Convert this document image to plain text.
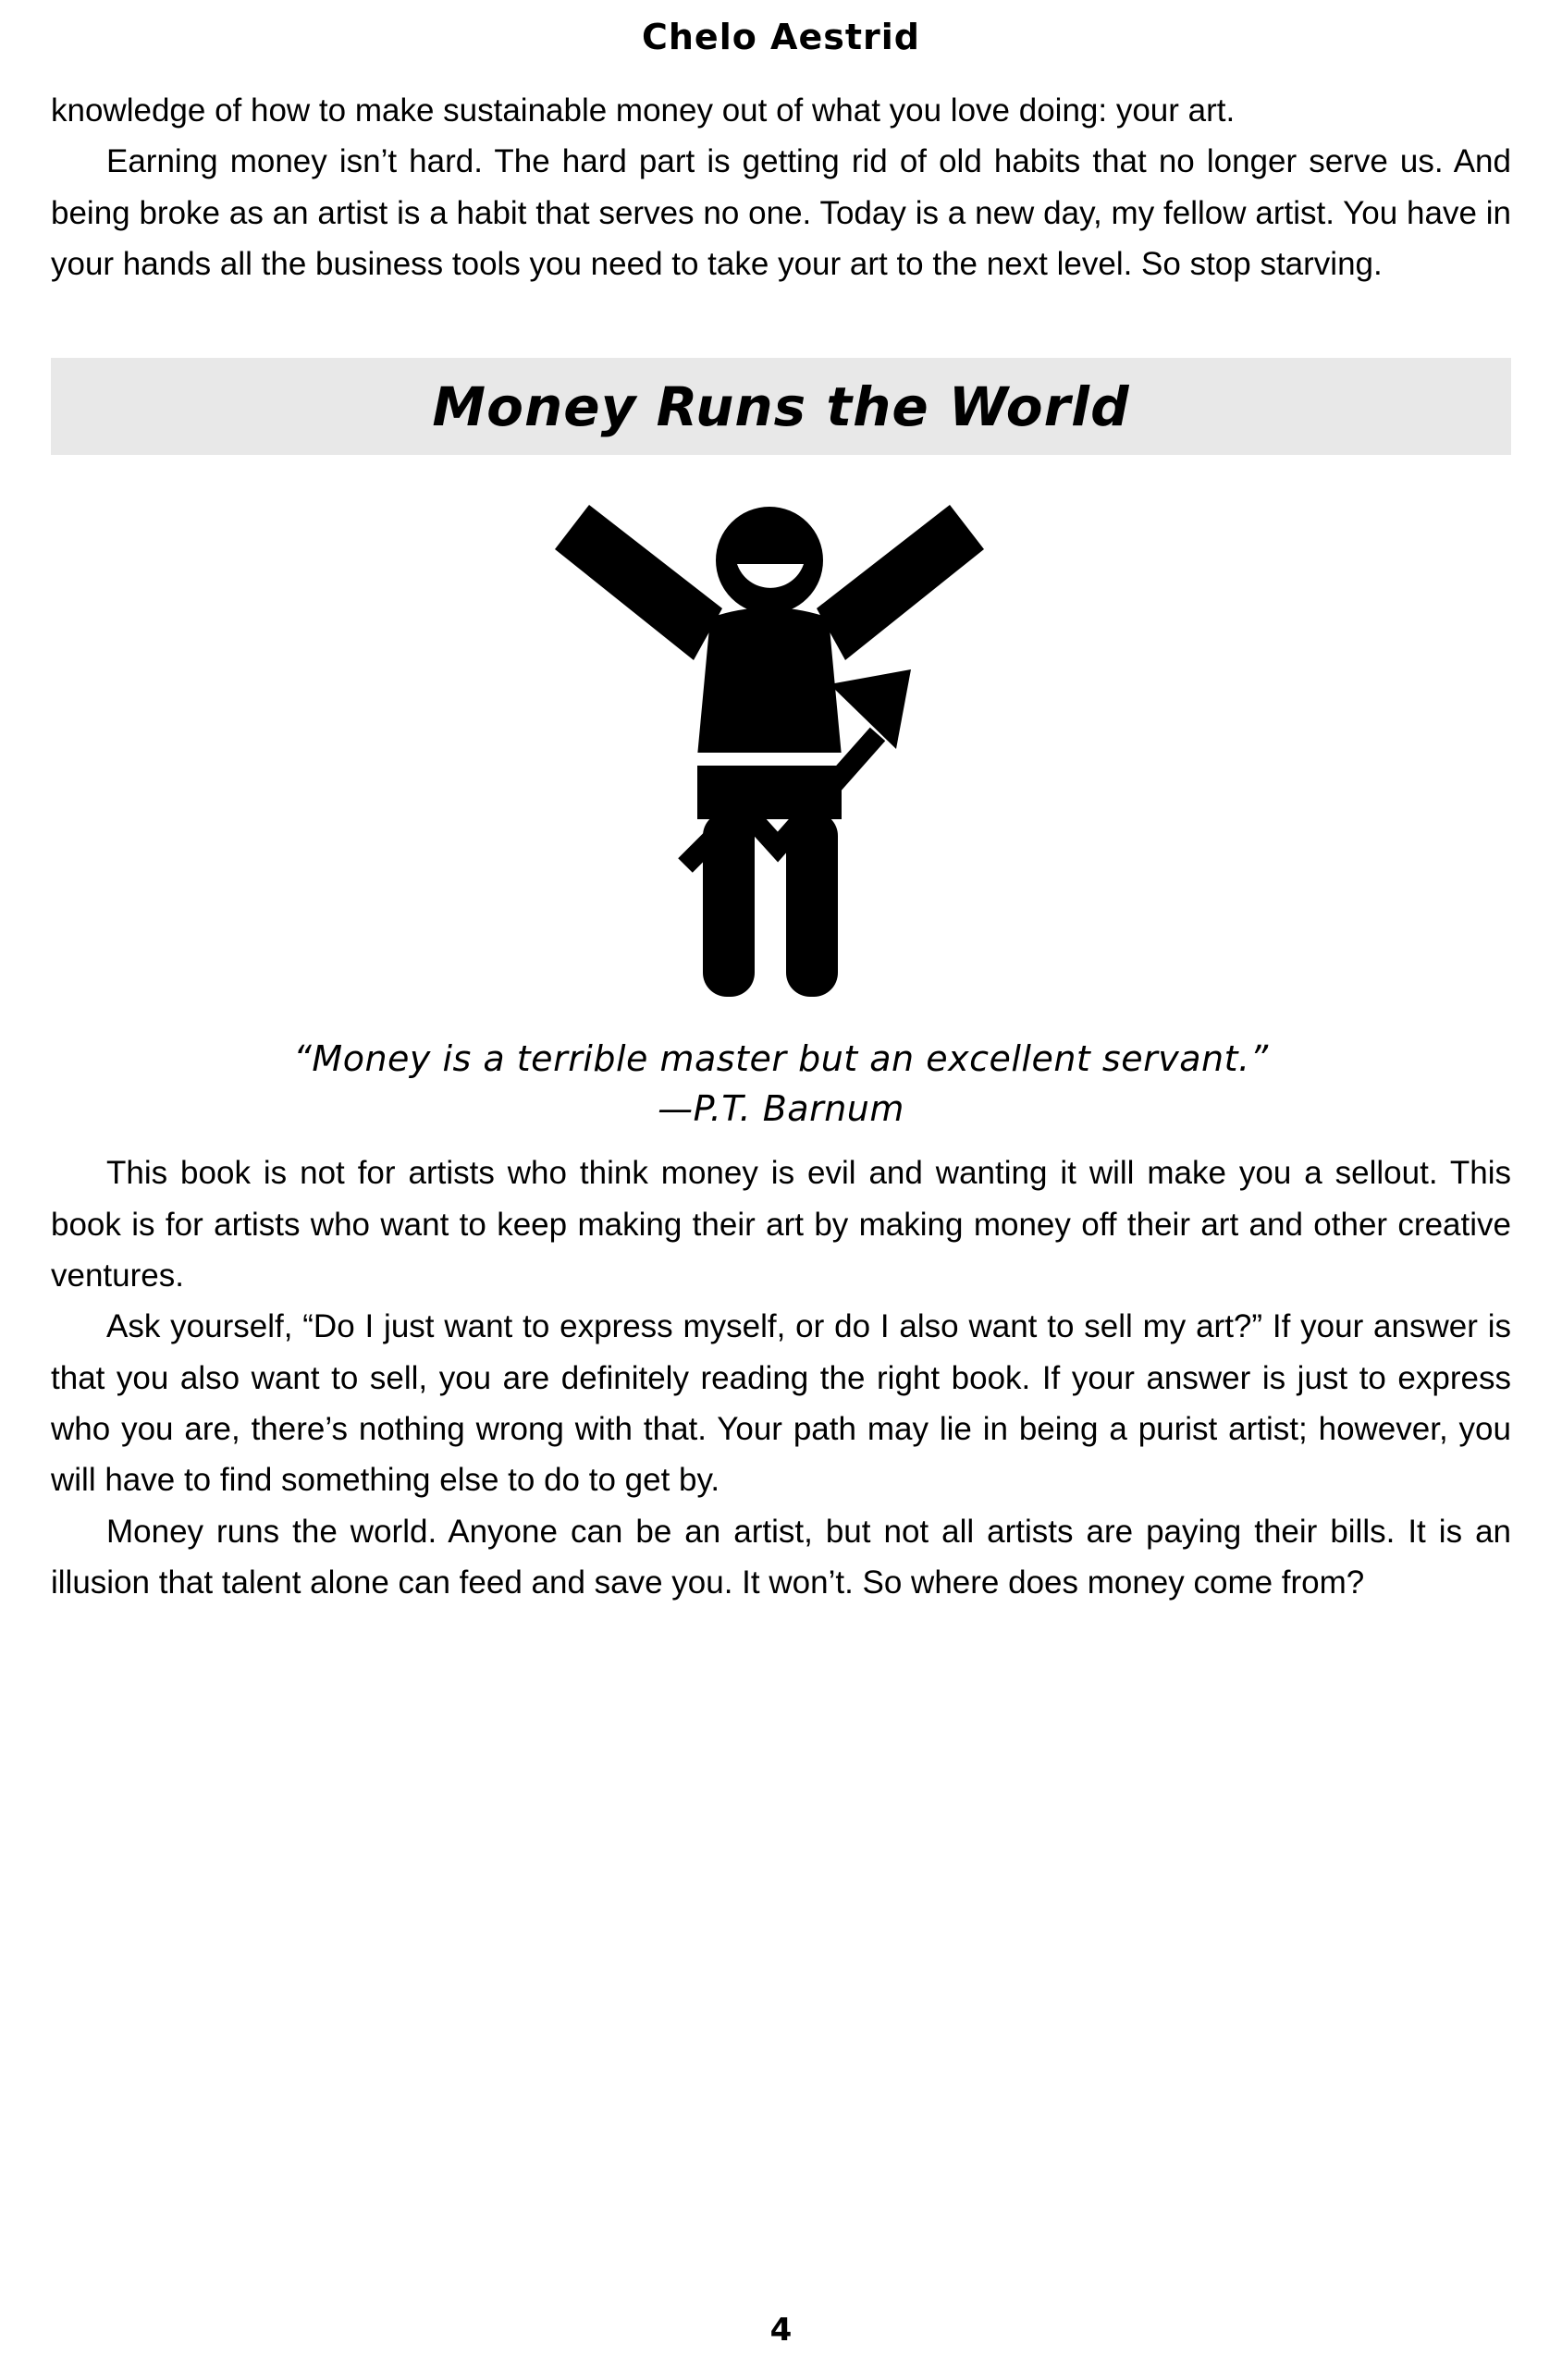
Chelo Aestrid

knowledge of how to make sustainable money out of what you love doing: your art.

Earning money isn’t hard. The hard part is getting rid of old habits that no longer serve us. And being broke as an artist is a habit that serves no one. Today is a new day, my fellow artist. You have in your hands all the business tools you need to take your art to the next level. So stop starving.

Money Runs the World
“Money is a terrible master but an excellent servant.”
—P.T. Barnum

This book is not for artists who think money is evil and wanting it will make you a sellout. This book is for artists who want to keep making their art by making money off their art and other creative ventures.

Ask yourself, “Do I just want to express myself, or do I also want to sell my art?” If your answer is that you also want to sell, you are definitely reading the right book. If your answer is just to express who you are, there’s nothing wrong with that. Your path may lie in being a purist artist; however, you will have to find something else to do to get by.

Money runs the world. Anyone can be an artist, but not all artists are paying their bills. It is an illusion that talent alone can feed and save you. It won’t. So where does money come from?

4
